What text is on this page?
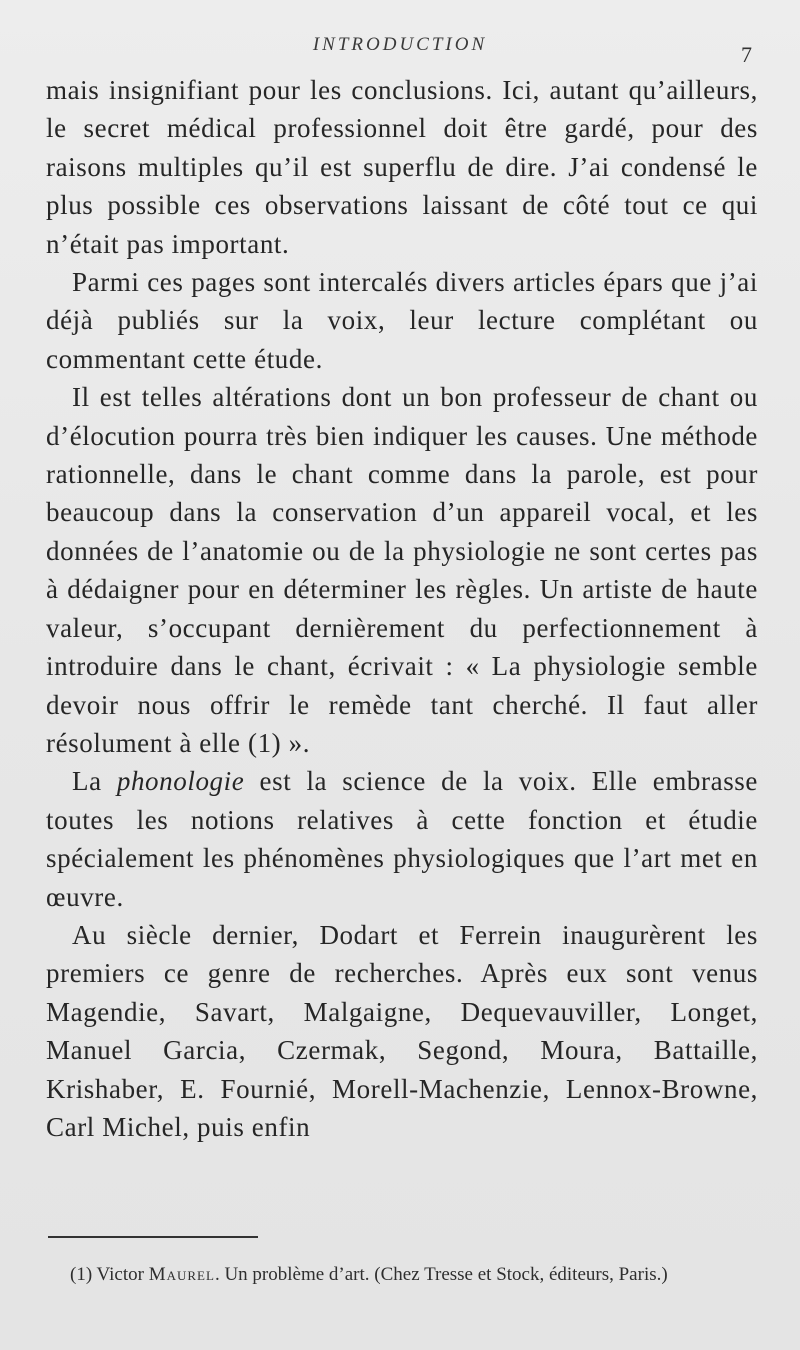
INTRODUCTION	7

mais insignifiant pour les conclusions. Ici, autant qu’ailleurs, le secret médical professionnel doit être gardé, pour des raisons multiples qu’il est superflu de dire. J’ai condensé le plus possible ces observations laissant de côté tout ce qui n’était pas important.

Parmi ces pages sont intercalés divers articles épars que j’ai déjà publiés sur la voix, leur lecture complétant ou commentant cette étude.

Il est telles altérations dont un bon professeur de chant ou d’élocution pourra très bien indiquer les causes. Une méthode rationnelle, dans le chant comme dans la parole, est pour beaucoup dans la conservation d’un appareil vocal, et les données de l’anatomie ou de la physiologie ne sont certes pas à dédaigner pour en déterminer les règles. Un artiste de haute valeur, s’occupant dernièrement du perfectionnement à introduire dans le chant, écrivait : « La physiologie semble devoir nous offrir le remède tant cherché. Il faut aller résolument à elle (1) ».

La phonologie est la science de la voix. Elle embrasse toutes les notions relatives à cette fonction et étudie spécialement les phénomènes physiologiques que l’art met en œuvre.

Au siècle dernier, Dodart et Ferrein inaugurèrent les premiers ce genre de recherches. Après eux sont venus Magendie, Savart, Malgaigne, Dequevauviller, Longet, Manuel Garcia, Czermak, Segond, Moura, Battaille, Krishaber, E. Fournié, Morell-Machenzie, Lennox-Browne, Carl Michel, puis enfin

(1) Victor Maurel. Un problème d’art. (Chez Tresse et Stock, éditeurs, Paris.)
